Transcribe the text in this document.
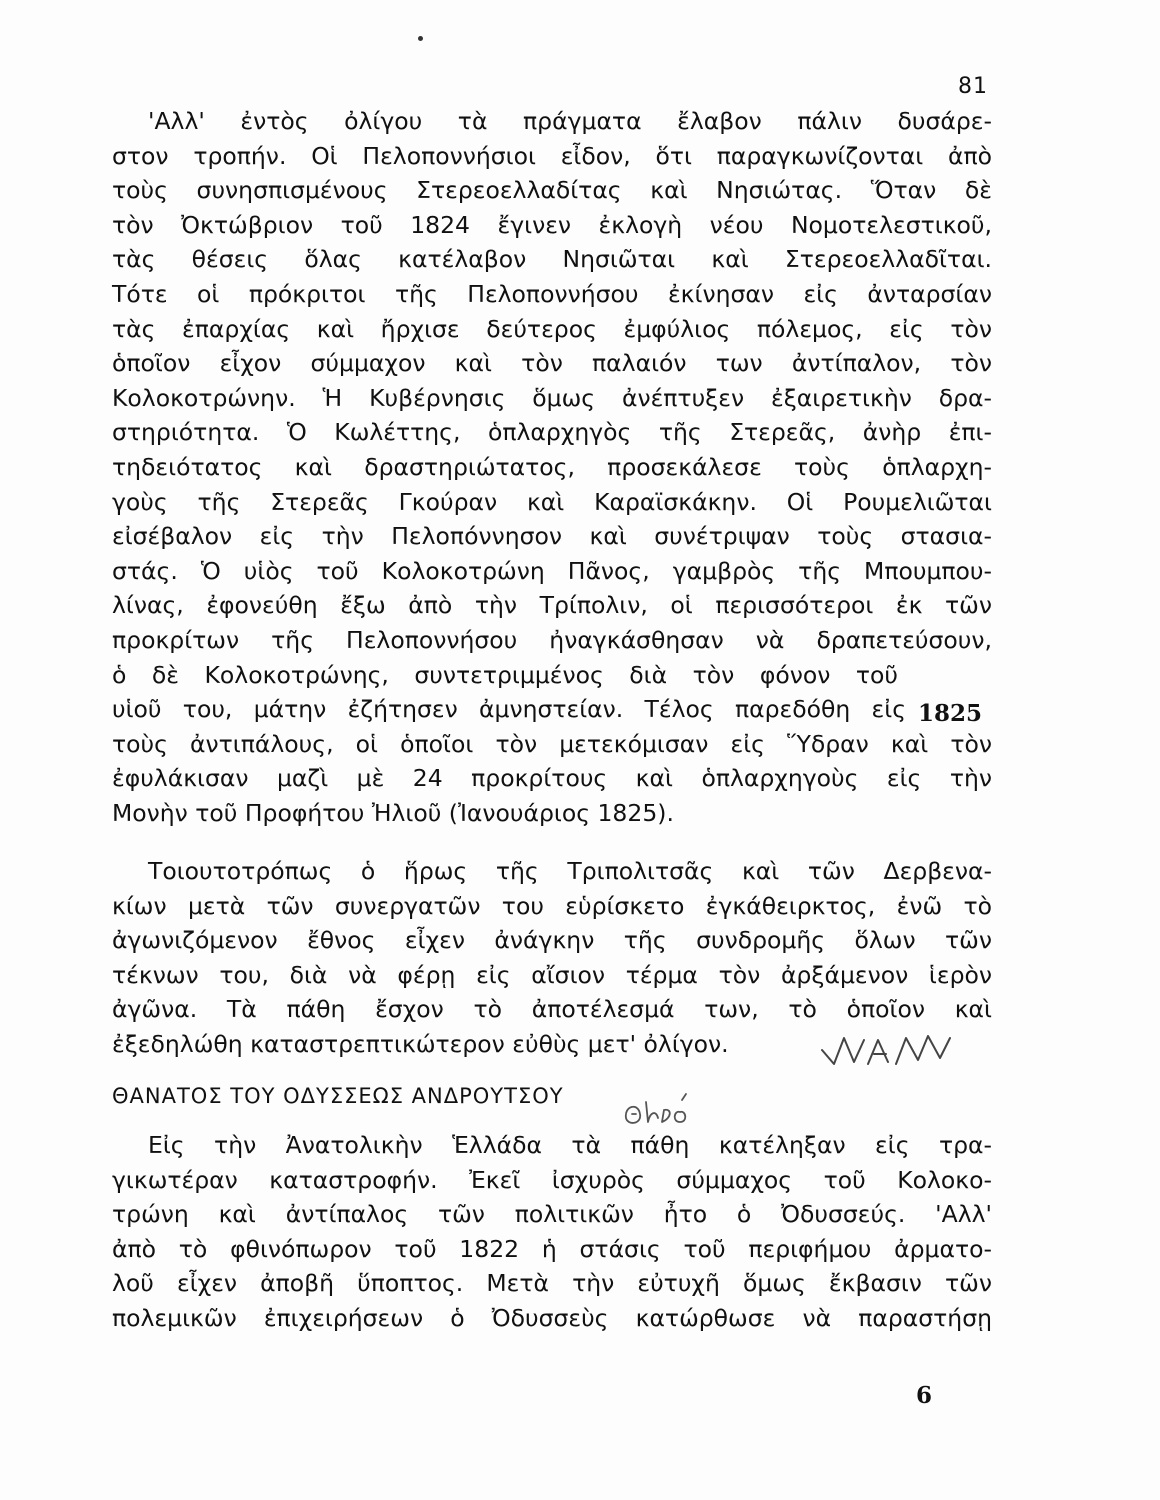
81
'Αλλ' ἐντὸς ὀλίγου τὰ πράγματα ἔλαβον πάλιν δυσάρε-
στον τροπήν. Οἱ Πελοποννήσιοι εἶδον, ὅτι παραγκωνίζονται ἀπὸ
τοὺς συνησπισμένους Στερεοελλαδίτας καὶ Νησιώτας. Ὅταν δὲ
τὸν Ὀκτώβριον τοῦ 1824 ἔγινεν ἐκλογὴ νέου Νομοτελεστικοῦ,
τὰς θέσεις ὅλας κατέλαβον Νησιῶται καὶ Στερεοελλαδῖται.
Τότε οἱ πρόκριτοι τῆς Πελοποννήσου ἐκίνησαν εἰς ἀνταρσίαν
τὰς ἐπαρχίας καὶ ἤρχισε δεύτερος ἐμφύλιος πόλεμος, εἰς τὸν
ὁποῖον εἶχον σύμμαχον καὶ τὸν παλαιόν των ἀντίπαλον, τὸν
Κολοκοτρώνην. Ἡ Κυβέρνησις ὅμως ἀνέπτυξεν ἐξαιρετικὴν δρα-
στηριότητα. Ὁ Κωλέττης, ὁπλαρχηγὸς τῆς Στερεᾶς, ἀνὴρ ἐπι-
τηδειότατος καὶ δραστηριώτατος, προσεκάλεσε τοὺς ὁπλαρχη-
γοὺς τῆς Στερεᾶς Γκούραν καὶ Καραϊσκάκην. Οἱ Ρουμελιῶται
εἰσέβαλον εἰς τὴν Πελοπόννησον καὶ συνέτριψαν τοὺς στασια-
στάς. Ὁ υἱὸς τοῦ Κολοκοτρώνη Πᾶνος, γαμβρὸς τῆς Μπουμπου-
λίνας, ἐφονεύθη ἔξω ἀπὸ τὴν Τρίπολιν, οἱ περισσότεροι ἐκ τῶν
προκρίτων τῆς Πελοποννήσου ἠναγκάσθησαν νὰ δραπετεύσουν,
ὁ δὲ Κολοκοτρώνης, συντετριμμένος διὰ τὸν φόνον τοῦ
υἱοῦ του, μάτην ἐζήτησεν ἀμνηστείαν. Τέλος παρεδόθη εἰς
τοὺς ἀντιπάλους, οἱ ὁποῖοι τὸν μετεκόμισαν εἰς Ὕδραν καὶ τὸν
ἐφυλάκισαν μαζὶ μὲ 24 προκρίτους καὶ ὁπλαρχηγοὺς εἰς τὴν
Μονὴν τοῦ Προφήτου Ἠλιοῦ (Ἰανουάριος 1825).
1825
Τοιουτοτρόπως ὁ ἥρως τῆς Τριπολιτσᾶς καὶ τῶν Δερβενα-
κίων μετὰ τῶν συνεργατῶν του εὑρίσκετο ἐγκάθειρκτος, ἐνῶ τὸ
ἀγωνιζόμενον ἔθνος εἶχεν ἀνάγκην τῆς συνδρομῆς ὅλων τῶν
τέκνων του, διὰ νὰ φέρῃ εἰς αἴσιον τέρμα τὸν ἀρξάμενον ἱερὸν
ἀγῶνα. Τὰ πάθη ἔσχον τὸ ἀποτέλεσμά των, τὸ ὁποῖον καὶ
ἐξεδηλώθη καταστρεπτικώτερον εὐθὺς μετ' ὀλίγον.
ΘΑΝΑΤΟΣ ΤΟΥ ΟΔΥΣΣΕΩΣ ΑΝΔΡΟΥΤΣΟΥ
Εἰς τὴν Ἀνατολικὴν Ἑλλάδα τὰ πάθη κατέληξαν εἰς τρα-
γικωτέραν καταστροφήν. Ἐκεῖ ἰσχυρὸς σύμμαχος τοῦ Κολοκο-
τρώνη καὶ ἀντίπαλος τῶν πολιτικῶν ἦτο ὁ Ὀδυσσεύς. 'Αλλ'
ἀπὸ τὸ φθινόπωρον τοῦ 1822 ἡ στάσις τοῦ περιφήμου ἀρματο-
λοῦ εἶχεν ἀποβῆ ὕποπτος. Μετὰ τὴν εὐτυχῆ ὅμως ἔκβασιν τῶν
πολεμικῶν ἐπιχειρήσεων ὁ Ὀδυσσεὺς κατώρθωσε νὰ παραστήσῃ
6
